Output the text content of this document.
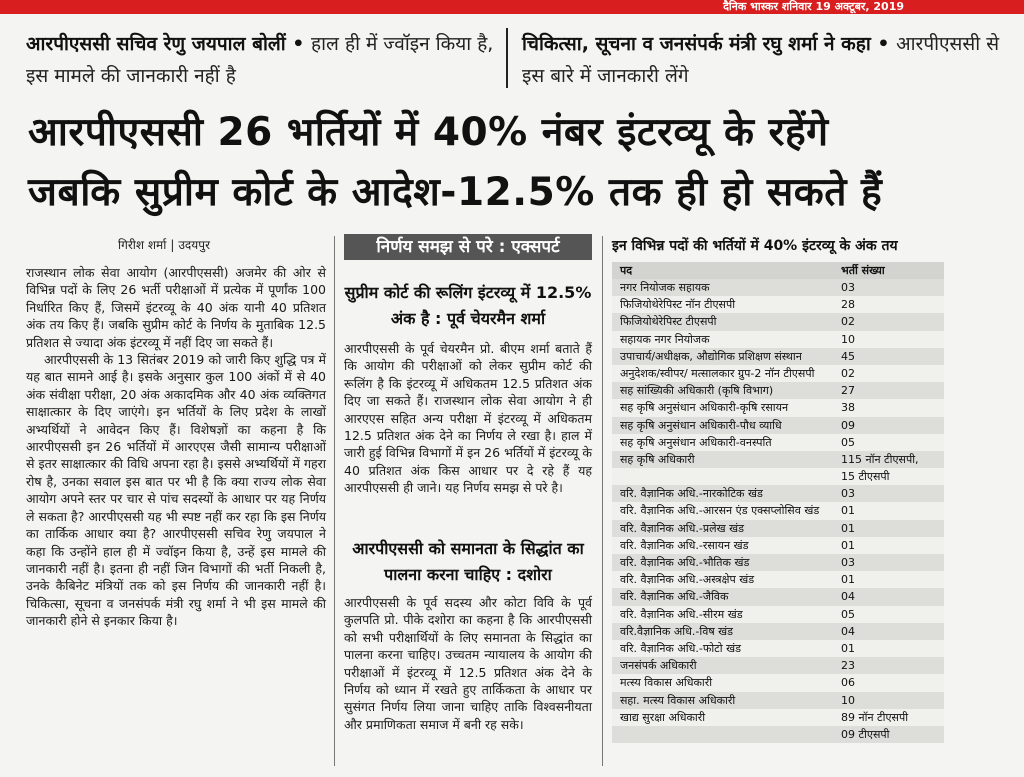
दैनिक भास्कर शनिवार 19 अक्टूबर, 2019
आरपीएससी सचिव रेणु जयपाल बोलीं • हाल ही में ज्वॉइन किया है, इस मामले की जानकारी नहीं है
चिकित्सा, सूचना व जनसंपर्क मंत्री रघु शर्मा ने कहा • आरपीएससी से इस बारे में जानकारी लेंगे
आरपीएससी 26 भर्तियों में 40% नंबर इंटरव्यू के रहेंगे
जबकि सुप्रीम कोर्ट के आदेश-12.5% तक ही हो सकते हैं
गिरीश शर्मा | उदयपुर

राजस्थान लोक सेवा आयोग (आरपीएससी) अजमेर की ओर से विभिन्न पदों के लिए 26 भर्ती परीक्षाओं में प्रत्येक में पूर्णांक 100 निर्धारित किए हैं, जिसमें इंटरव्यू के 40 अंक यानी 40 प्रतिशत अंक तय किए हैं। जबकि सुप्रीम कोर्ट के निर्णय के मुताबिक 12.5 प्रतिशत से ज्यादा अंक इंटरव्यू में नहीं दिए जा सकते हैं।

आरपीएससी के 13 सितंबर 2019 को जारी किए शुद्धि पत्र में यह बात सामने आई है। इसके अनुसार कुल 100 अंकों में से 40 अंक संवीक्षा परीक्षा, 20 अंक अकादमिक और 40 अंक व्यक्तिगत साक्षात्कार के दिए जाएंगे। इन भर्तियों के लिए प्रदेश के लाखों अभ्यर्थियों ने आवेदन किए हैं। विशेषज्ञों का कहना है कि आरपीएससी इन 26 भर्तियों में आरएएस जैसी सामान्य परीक्षाओं से इतर साक्षात्कार की विधि अपना रहा है। इससे अभ्यर्थियों में गहरा रोष है, उनका सवाल इस बात पर भी है कि क्या राज्य लोक सेवा आयोग अपने स्तर पर चार से पांच सदस्यों के आधार पर यह निर्णय ले सकता है? आरपीएससी यह भी स्पष्ट नहीं कर रहा कि इस निर्णय का तार्किक आधार क्या है? आरपीएससी सचिव रेणु जयपाल ने कहा कि उन्होंने हाल ही में ज्वॉइन किया है, उन्हें इस मामले की जानकारी नहीं है। इतना ही नहीं जिन विभागों की भर्ती निकली है, उनके कैबिनेट मंत्रियों तक को इस निर्णय की जानकारी नहीं है। चिकित्सा, सूचना व जनसंपर्क मंत्री रघु शर्मा ने भी इस मामले की जानकारी होने से इनकार किया है।

निर्णय समझ से परे : एक्सपर्ट
सुप्रीम कोर्ट की रूलिंग इंटरव्यू में 12.5% अंक है : पूर्व चेयरमैन शर्मा

आरपीएससी के पूर्व चेयरमैन प्रो. बीएम शर्मा बताते हैं कि आयोग की परीक्षाओं को लेकर सुप्रीम कोर्ट की रूलिंग है कि इंटरव्यू में अधिकतम 12.5 प्रतिशत अंक दिए जा सकते हैं। राजस्थान लोक सेवा आयोग ने ही आरएएस सहित अन्य परीक्षा में इंटरव्यू में अधिकतम 12.5 प्रतिशत अंक देने का निर्णय ले रखा है। हाल में जारी हुई विभिन्न विभागों में इन 26 भर्तियों में इंटरव्यू के 40 प्रतिशत अंक किस आधार पर दे रहे हैं यह आरपीएससी ही जाने। यह निर्णय समझ से परे है।

आरपीएससी को समानता के सिद्धांत का पालना करना चाहिए : दशोरा

आरपीएससी के पूर्व सदस्य और कोटा विवि के पूर्व कुलपति प्रो. पीके दशोरा का कहना है कि आरपीएससी को सभी परीक्षार्थियों के लिए समानता के सिद्धांत का पालना करना चाहिए। उच्चतम न्यायालय के आयोग की परीक्षाओं में इंटरव्यू में 12.5 प्रतिशत अंक देने के निर्णय को ध्यान में रखते हुए तार्किकता के आधार पर सुसंगत निर्णय लिया जाना चाहिए ताकि विश्वसनीयता और प्रमाणिकता समाज में बनी रह सके।

इन विभिन्न पदों की भर्तियों में 40% इंटरव्यू के अंक तय
पद	भर्ती संख्या
नगर नियोजक सहायक	03
फिजियोथेरेपिस्ट नॉन टीएसपी	28
फिजियोथेरेपिस्ट टीएसपी	02
सहायक नगर नियोजक	10
उपाचार्य/अधीक्षक, औद्योगिक प्रशिक्षण संस्थान	45
अनुदेशक/स्वीपर/ मत्सालकार ग्रुप-2 नॉन टीएसपी	02
सह सांख्यिकी अधिकारी (कृषि विभाग)	27
सह कृषि अनुसंधान अधिकारी-कृषि रसायन	38
सह कृषि अनुसंधान अधिकारी-पौध व्याधि	09
सह कृषि अनुसंधान अधिकारी-वनस्पति	05
सह कृषि अधिकारी	115 नॉन टीएसपी,
	15 टीएसपी
वरि. वैज्ञानिक अधि.-नारकोटिक खंड	03
वरि. वैज्ञानिक अधि.-आरसन एंड एक्सप्लोसिव खंड	01
वरि. वैज्ञानिक अधि.-प्रलेख खंड	01
वरि. वैज्ञानिक अधि.-रसायन खंड	01
वरि. वैज्ञानिक अधि.-भौतिक खंड	03
वरि. वैज्ञानिक अधि.-अस्त्रक्षेप खंड	01
वरि. वैज्ञानिक अधि.-जैविक	04
वरि. वैज्ञानिक अधि.-सीरम खंड	05
वरि.वैज्ञानिक अधि.-विष खंड	04
वरि. वैज्ञानिक अधि.-फोटो खंड	01
जनसंपर्क अधिकारी	23
मत्स्य विकास अधिकारी	06
सहा. मत्स्य विकास अधिकारी	10
खाद्य सुरक्षा अधिकारी	89 नॉन टीएसपी
	09 टीएसपी
